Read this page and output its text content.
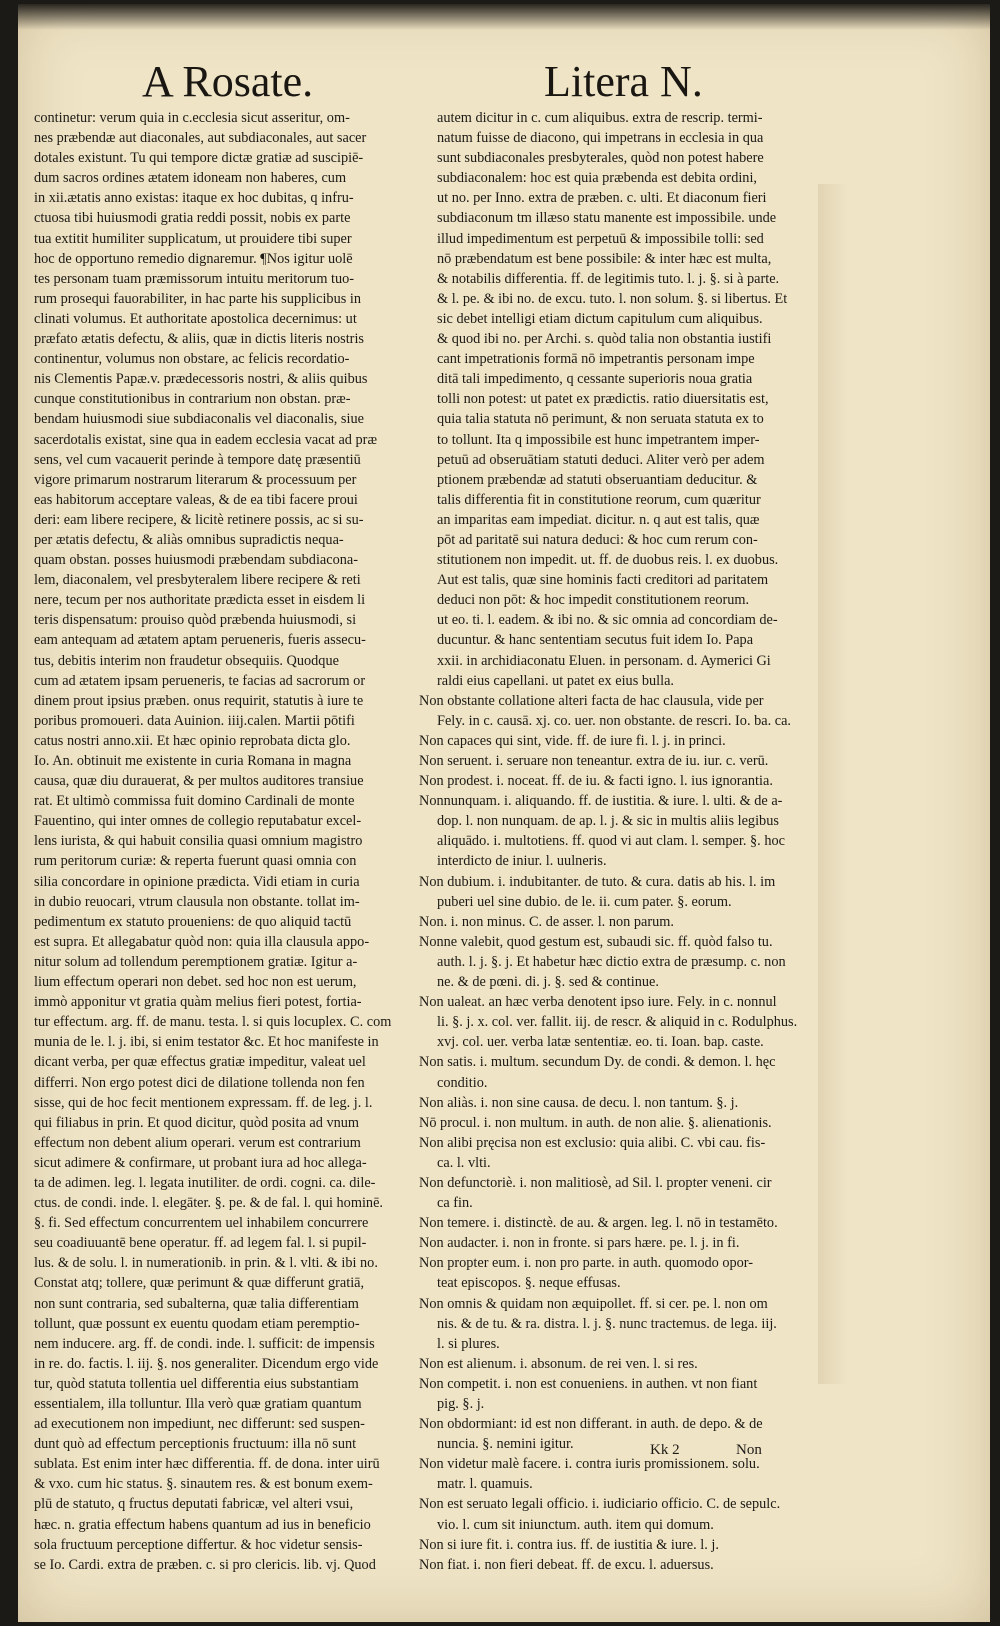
A Rosate.	Litera N.
continetur: verum quia in c.ecclesia sicut asseritur, om-
nes præbendæ aut diaconales, aut subdiaconales, aut sacer
dotales existunt. Tu qui tempore dictæ gratiæ ad suscipiē-
dum sacros ordines ætatem idoneam non haberes, cum
in xii.ætatis anno existas: itaque ex hoc dubitas, q infru-
ctuosa tibi huiusmodi gratia reddi possit, nobis ex parte
tua extitit humiliter supplicatum, ut prouidere tibi super
hoc de opportuno remedio dignaremur. ¶Nos igitur uolē
tes personam tuam præmissorum intuitu meritorum tuo-
rum prosequi fauorabiliter, in hac parte his supplicibus in
clinati volumus. Et authoritate apostolica decernimus: ut
præfato ætatis defectu, & aliis, quæ in dictis literis nostris
continentur, volumus non obstare, ac felicis recordatio-
nis Clementis Papæ.v. prædecessoris nostri, & aliis quibus
cunque constitutionibus in contrarium non obstan. præ-
bendam huiusmodi siue subdiaconalis vel diaconalis, siue
sacerdotalis existat, sine qua in eadem ecclesia vacat ad præ
sens, vel cum vacauerit perinde à tempore datę præsentiū
vigore primarum nostrarum literarum & processuum per
eas habitorum acceptare valeas, & de ea tibi facere proui
deri: eam libere recipere, & licitè retinere possis, ac si su-
per ætatis defectu, & aliàs omnibus supradictis nequa-
quam obstan. posses huiusmodi præbendam subdiacona-
lem, diaconalem, vel presbyteralem libere recipere & reti
nere, tecum per nos authoritate prædicta esset in eisdem li
teris dispensatum: prouiso quòd præbenda huiusmodi, si
eam antequam ad ætatem aptam perueneris, fueris assecu-
tus, debitis interim non fraudetur obsequiis. Quodque
cum ad ætatem ipsam perueneris, te facias ad sacrorum or
dinem prout ipsius præben. onus requirit, statutis à iure te
poribus promoueri. data Auinion. iiij.calen. Martii pōtifi
catus nostri anno.xii. Et hæc opinio reprobata dicta glo.
Io. An. obtinuit me existente in curia Romana in magna
causa, quæ diu durauerat, & per multos auditores transiue
rat. Et ultimò commissa fuit domino Cardinali de monte
Fauentino, qui inter omnes de collegio reputabatur excel-
lens iurista, & qui habuit consilia quasi omnium magistro
rum peritorum curiæ: & reperta fuerunt quasi omnia con
silia concordare in opinione prædicta. Vidi etiam in curia
in dubio reuocari, vtrum clausula non obstante. tollat im-
pedimentum ex statuto proueniens: de quo aliquid tactū
est supra. Et allegabatur quòd non: quia illa clausula appo-
nitur solum ad tollendum peremptionem gratiæ. Igitur a-
lium effectum operari non debet. sed hoc non est uerum,
immò apponitur vt gratia quàm melius fieri potest, fortia-
tur effectum. arg. ff. de manu. testa. l. si quis locuplex. C. com
munia de le. l. j. ibi, si enim testator &c. Et hoc manifeste in
dicant verba, per quæ effectus gratiæ impeditur, valeat uel
differri. Non ergo potest dici de dilatione tollenda non fen
sisse, qui de hoc fecit mentionem expressam. ff. de leg. j. l.
qui filiabus in prin. Et quod dicitur, quòd posita ad vnum
effectum non debent alium operari. verum est contrarium
sicut adimere & confirmare, ut probant iura ad hoc allega-
ta de adimen. leg. l. legata inutiliter. de ordi. cogni. ca. dile-
ctus. de condi. inde. l. elegāter. §. pe. & de fal. l. qui hominē.
§. fi. Sed effectum concurrentem uel inhabilem concurrere
seu coadiuuantē bene operatur. ff. ad legem fal. l. si pupil-
lus. & de solu. l. in numerationib. in prin. & l. vlti. & ibi no.
Constat atq; tollere, quæ perimunt & quæ differunt gratiā,
non sunt contraria, sed subalterna, quæ talia differentiam
tollunt, quæ possunt ex euentu quodam etiam peremptio-
nem inducere. arg. ff. de condi. inde. l. sufficit: de impensis
in re. do. factis. l. iij. §. nos generaliter. Dicendum ergo vide
tur, quòd statuta tollentia uel differentia eius substantiam
essentialem, illa tolluntur. Illa verò quæ gratiam quantum
ad executionem non impediunt, nec differunt: sed suspen-
dunt quò ad effectum perceptionis fructuum: illa nō sunt
sublata. Est enim inter hæc differentia. ff. de dona. inter uirū
& vxo. cum hic status. §. sinautem res. & est bonum exem-
plū de statuto, q fructus deputati fabricæ, vel alteri vsui,
hæc. n. gratia effectum habens quantum ad ius in beneficio
sola fructuum perceptione differtur. & hoc videtur sensis-
se Io. Cardi. extra de præben. c. si pro clericis. lib. vj. Quod
autem dicitur in c. cum aliquibus. extra de rescrip. termi-
natum fuisse de diacono, qui impetrans in ecclesia in qua
sunt subdiaconales presbyterales, quòd non potest habere
subdiaconalem: hoc est quia præbenda est debita ordini,
ut no. per Inno. extra de præben. c. ulti. Et diaconum fieri
subdiaconum tm illæso statu manente est impossibile. unde
illud impedimentum est perpetuū & impossibile tolli: sed
nō præbendatum est bene possibile: & inter hæc est multa,
& notabilis differentia. ff. de legitimis tuto. l. j. §. si à parte.
& l. pe. & ibi no. de excu. tuto. l. non solum. §. si libertus. Et
sic debet intelligi etiam dictum capitulum cum aliquibus.
& quod ibi no. per Archi. s. quòd talia non obstantia iustifi
cant impetrationis formā nō impetrantis personam impe
ditā tali impedimento, q cessante superioris noua gratia
tolli non potest: ut patet ex prædictis. ratio diuersitatis est,
quia talia statuta nō perimunt, & non seruata statuta ex to
to tollunt. Ita q impossibile est hunc impetrantem imper-
petuū ad obseruātiam statuti deduci. Aliter verò per adem
ptionem præbendæ ad statuti obseruantiam deducitur. &
talis differentia fit in constitutione reorum, cum quæritur
an imparitas eam impediat. dicitur. n. q aut est talis, quæ
pōt ad paritatē sui natura deduci: & hoc cum rerum con-
stitutionem non impedit. ut. ff. de duobus reis. l. ex duobus.
Aut est talis, quæ sine hominis facti creditori ad paritatem
deduci non pōt: & hoc impedit constitutionem reorum.
ut eo. ti. l. eadem. & ibi no. & sic omnia ad concordiam de-
ducuntur. & hanc sententiam secutus fuit idem Io. Papa
xxii. in archidiaconatu Eluen. in personam. d. Aymerici Gi
raldi eius capellani. ut patet ex eius bulla.
Non obstante collatione alteri facta de hac clausula, vide per
Fely. in c. causā. xj. co. uer. non obstante. de rescri. Io. ba. ca.
Non capaces qui sint, vide. ff. de iure fi. l. j. in princi.
Non seruent. i. seruare non teneantur. extra de iu. iur. c. verū.
Non prodest. i. noceat. ff. de iu. & facti igno. l. ius ignorantia.
Nonnunquam. i. aliquando. ff. de iustitia. & iure. l. ulti. & de a-
dop. l. non nunquam. de ap. l. j. & sic in multis aliis legibus
aliquādo. i. multotiens. ff. quod vi aut clam. l. semper. §. hoc
interdicto de iniur. l. uulneris.
Non dubium. i. indubitanter. de tuto. & cura. datis ab his. l. im
puberi uel sine dubio. de le. ii. cum pater. §. eorum.
Non. i. non minus. C. de asser. l. non parum.
Nonne valebit, quod gestum est, subaudi sic. ff. quòd falso tu.
auth. l. j. §. j. Et habetur hæc dictio extra de præsump. c. non
ne. & de pœni. di. j. §. sed & continue.
Non ualeat. an hæc verba denotent ipso iure. Fely. in c. nonnul
li. §. j. x. col. ver. fallit. iij. de rescr. & aliquid in c. Rodulphus.
xvj. col. uer. verba latæ sententiæ. eo. ti. Ioan. bap. caste.
Non satis. i. multum. secundum Dy. de condi. & demon. l. hęc
conditio.
Non aliàs. i. non sine causa. de decu. l. non tantum. §. j.
Nō procul. i. non multum. in auth. de non alie. §. alienationis.
Non alibi pręcisa non est exclusio: quia alibi. C. vbi cau. fis-
ca. l. vlti.
Non defunctoriè. i. non malitiosè, ad Sil. l. propter veneni. cir
ca fin.
Non temere. i. distinctè. de au. & argen. leg. l. nō in testamēto.
Non audacter. i. non in fronte. si pars hære. pe. l. j. in fi.
Non propter eum. i. non pro parte. in auth. quomodo opor-
teat episcopos. §. neque effusas.
Non omnis & quidam non æquipollet. ff. si cer. pe. l. non om
nis. & de tu. & ra. distra. l. j. §. nunc tractemus. de lega. iij.
l. si plures.
Non est alienum. i. absonum. de rei ven. l. si res.
Non competit. i. non est conueniens. in authen. vt non fiant
pig. §. j.
Non obdormiant: id est non differant. in auth. de depo. & de
nuncia. §. nemini igitur.
Non videtur malè facere. i. contra iuris promissionem. solu.
matr. l. quamuis.
Non est seruato legali officio. i. iudiciario officio. C. de sepulc.
vio. l. cum sit iniunctum. auth. item qui domum.
Non si iure fit. i. contra ius. ff. de iustitia & iure. l. j.
Non fiat. i. non fieri debeat. ff. de excu. l. aduersus.
Kk 2	Non
